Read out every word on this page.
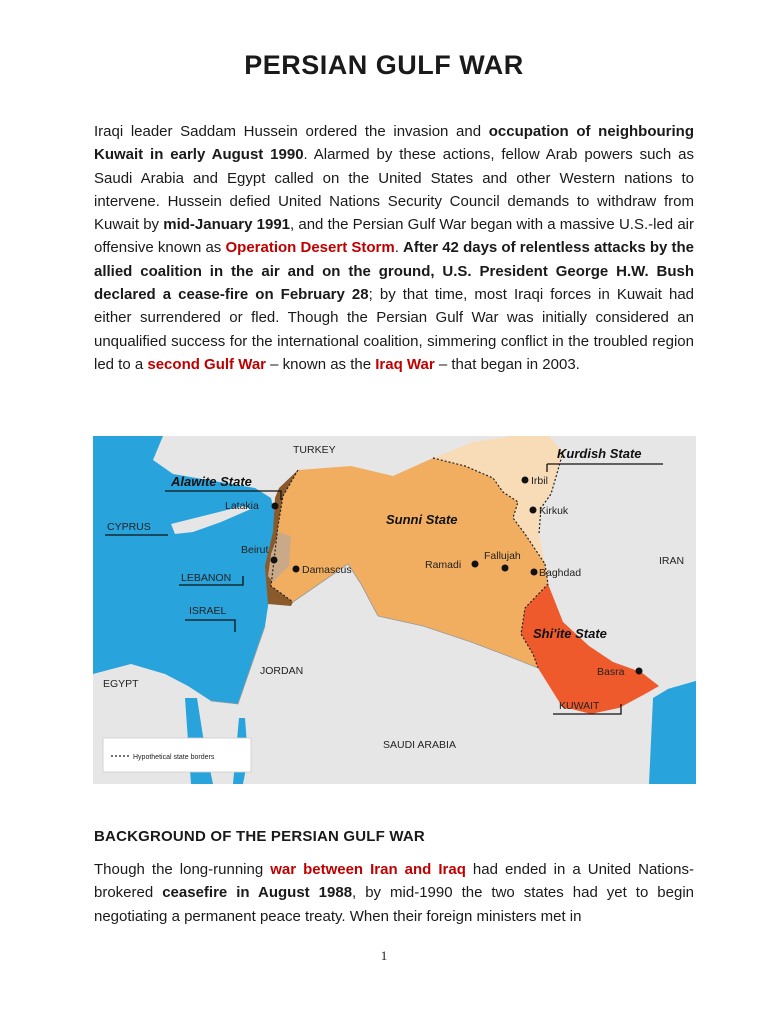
PERSIAN GULF WAR

Iraqi leader Saddam Hussein ordered the invasion and occupation of neighbouring Kuwait in early August 1990. Alarmed by these actions, fellow Arab powers such as Saudi Arabia and Egypt called on the United States and other Western nations to intervene. Hussein defied United Nations Security Council demands to withdraw from Kuwait by mid-January 1991, and the Persian Gulf War began with a massive U.S.-led air offensive known as Operation Desert Storm. After 42 days of relentless attacks by the allied coalition in the air and on the ground, U.S. President George H.W. Bush declared a cease-fire on February 28; by that time, most Iraqi forces in Kuwait had either surrendered or fled. Though the Persian Gulf War was initially considered an unqualified success for the international coalition, simmering conflict in the troubled region led to a second Gulf War – known as the Iraq War – that began in 2003.

Alawite State
Kurdish State
Sunni State
Shi'ite State
TURKEY
IRAN
EGYPT
JORDAN
SAUDI ARABIA
CYPRUS
LEBANON
ISRAEL
KUWAIT
Latakia
Beirut
Damascus
Irbil
Kirkuk
Ramadi
Fallujah
Baghdad
Basra
Hypothetical state borders
BACKGROUND OF THE PERSIAN GULF WAR

Though the long-running war between Iran and Iraq had ended in a United Nations-brokered ceasefire in August 1988, by mid-1990 the two states had yet to begin negotiating a permanent peace treaty. When their foreign ministers met in

1
